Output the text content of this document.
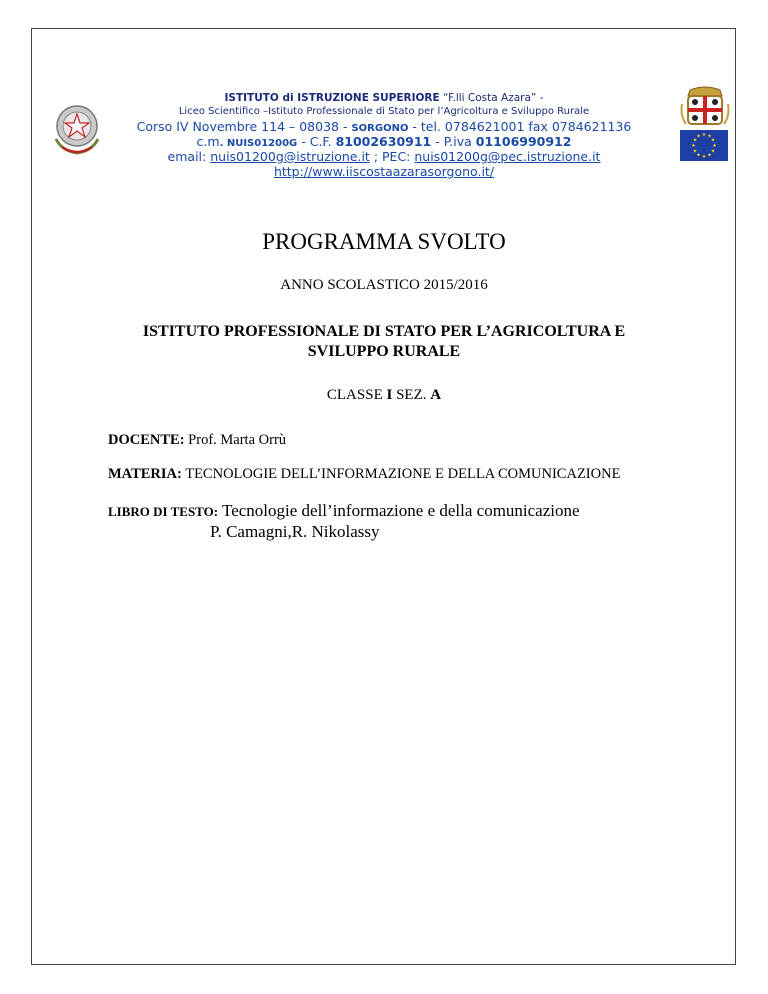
★ ★
★
★
★
★
★
★
★
★
★
★
ISTITUTO di ISTRUZIONE SUPERIORE “F.lli Costa Azara” -
Liceo Scientifico –Istituto Professionale di Stato per l’Agricoltura e Sviluppo Rurale
Corso IV Novembre 114 – 08038 - SORGONO - tel. 0784621001 fax 0784621136
c.m. NUIS01200G - C.F. 81002630911 - P.iva 01106990912
email: nuis01200g@istruzione.it ; PEC: nuis01200g@pec.istruzione.it
http://www.iiscostaazarasorgono.it/
PROGRAMMA SVOLTO
ANNO SCOLASTICO 2015/2016
ISTITUTO PROFESSIONALE DI STATO PER L’AGRICOLTURA E
SVILUPPO RURALE
CLASSE I SEZ. A
DOCENTE: Prof. Marta Orrù
MATERIA: TECNOLOGIE DELL’INFORMAZIONE E DELLA COMUNICAZIONE
LIBRO DI TESTO: Tecnologie dell’informazione e della comunicazione
P. Camagni,R. Nikolassy
